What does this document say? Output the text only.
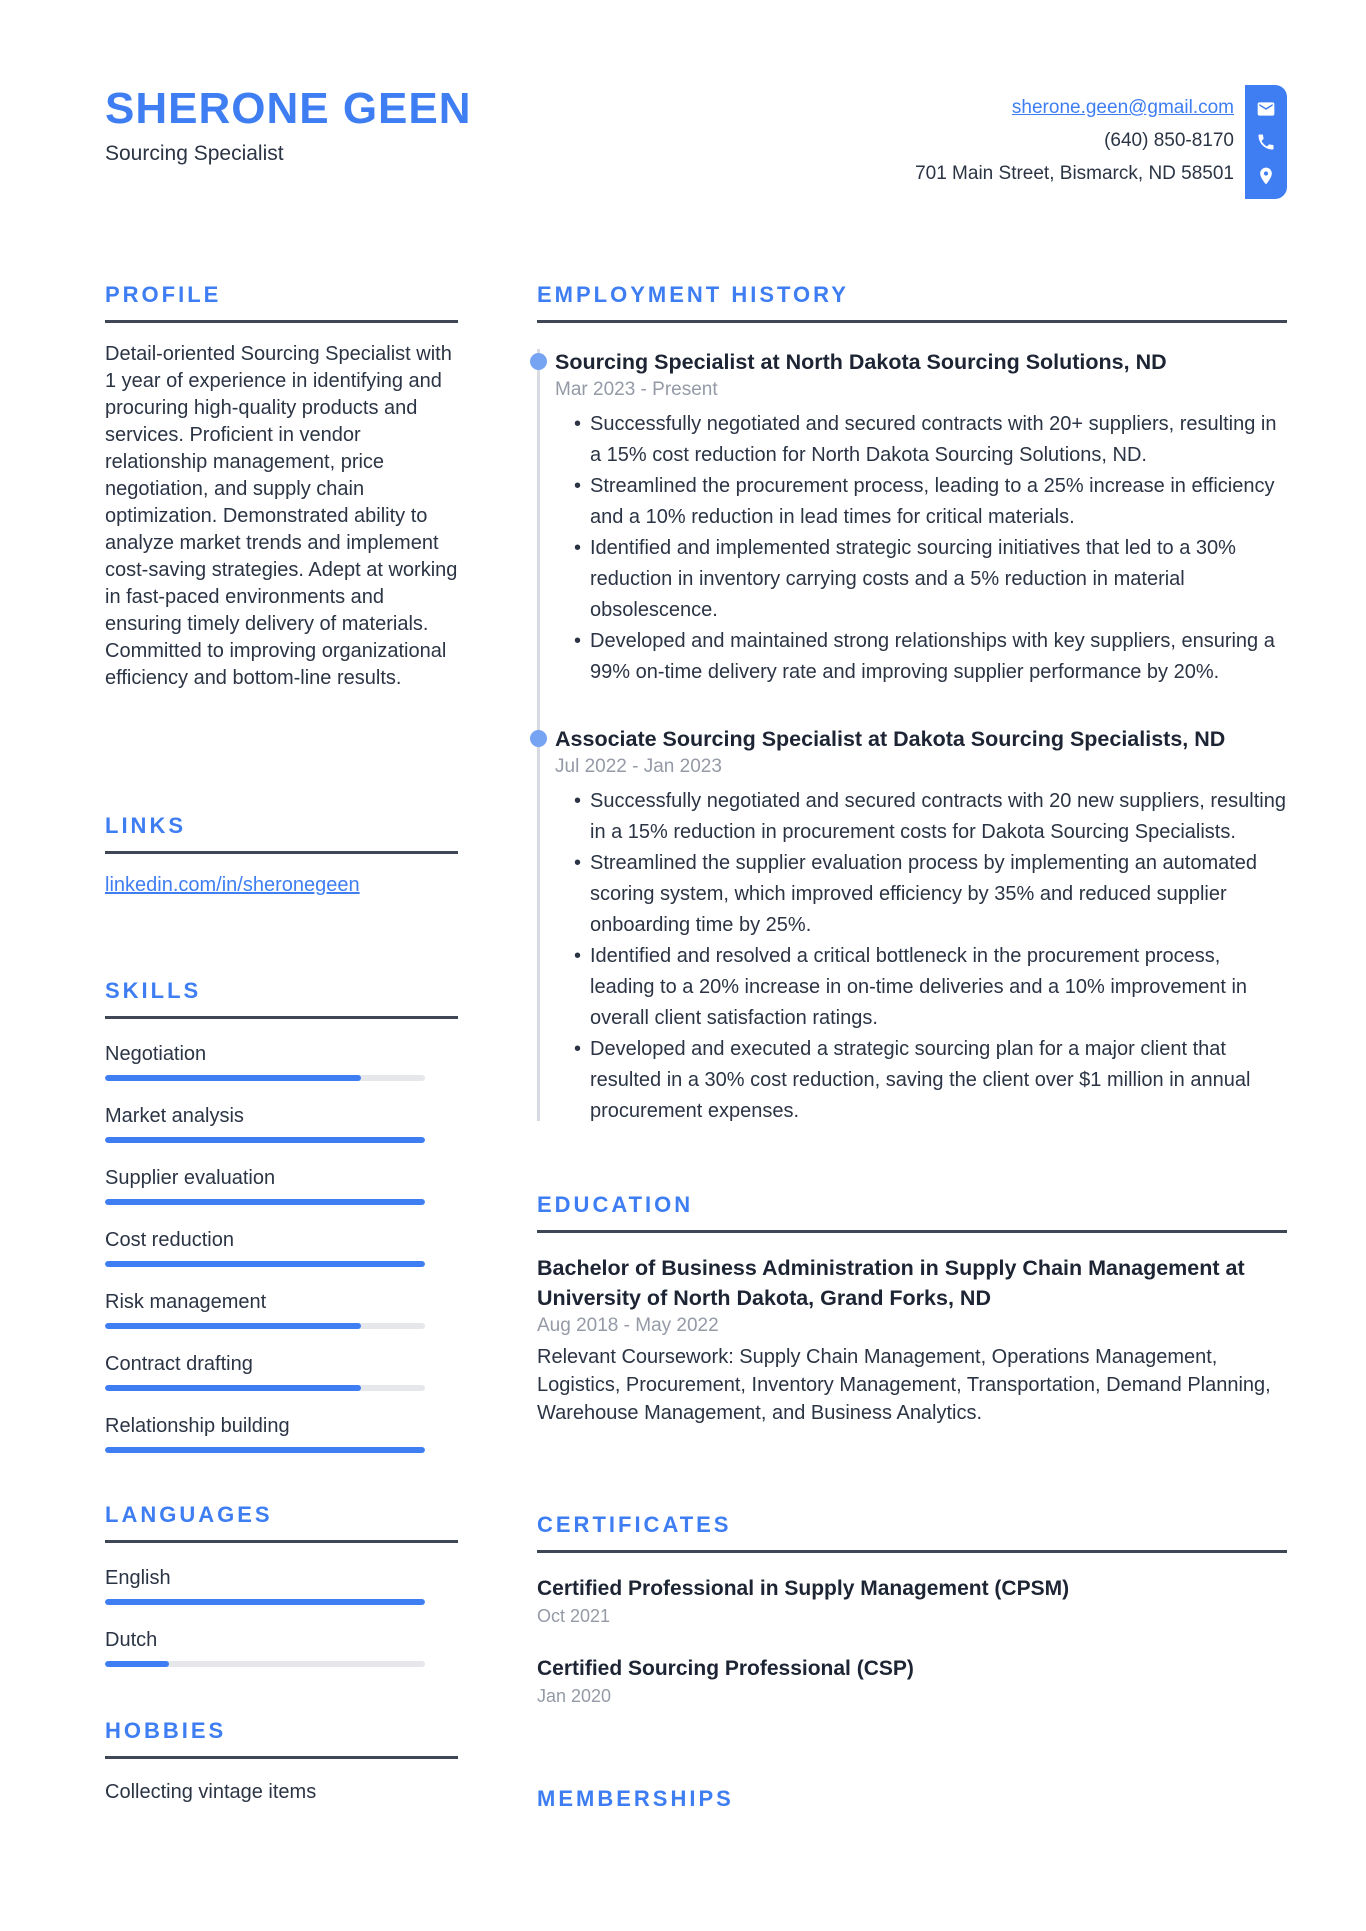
SHERONE GEEN
Sourcing Specialist
sherone.geen@gmail.com
(640) 850-8170
701 Main Street, Bismarck, ND 58501
PROFILE

Detail-oriented Sourcing Specialist with 1 year of experience in identifying and procuring high-quality products and services. Proficient in vendor relationship management, price negotiation, and supply chain optimization. Demonstrated ability to analyze market trends and implement cost-saving strategies. Adept at working in fast-paced environments and ensuring timely delivery of materials. Committed to improving organizational efficiency and bottom-line results.

LINKS
linkedin.com/in/sheronegeen
SKILLS
Negotiation
Market analysis
Supplier evaluation
Cost reduction
Risk management
Contract drafting
Relationship building
LANGUAGES
English
Dutch
HOBBIES

Collecting vintage items

EMPLOYMENT HISTORY
Sourcing Specialist at North Dakota Sourcing Solutions, ND
Mar 2023 - Present
• Successfully negotiated and secured contracts with 20+ suppliers, resulting in a 15% cost reduction for North Dakota Sourcing Solutions, ND.
• Streamlined the procurement process, leading to a 25% increase in efficiency and a 10% reduction in lead times for critical materials.
• Identified and implemented strategic sourcing initiatives that led to a 30% reduction in inventory carrying costs and a 5% reduction in material obsolescence.
• Developed and maintained strong relationships with key suppliers, ensuring a 99% on-time delivery rate and improving supplier performance by 20%.
Associate Sourcing Specialist at Dakota Sourcing Specialists, ND
Jul 2022 - Jan 2023
• Successfully negotiated and secured contracts with 20 new suppliers, resulting in a 15% reduction in procurement costs for Dakota Sourcing Specialists.
• Streamlined the supplier evaluation process by implementing an automated scoring system, which improved efficiency by 35% and reduced supplier onboarding time by 25%.
• Identified and resolved a critical bottleneck in the procurement process, leading to a 20% increase in on-time deliveries and a 10% improvement in overall client satisfaction ratings.
• Developed and executed a strategic sourcing plan for a major client that resulted in a 30% cost reduction, saving the client over $1 million in annual procurement expenses.
EDUCATION
Bachelor of Business Administration in Supply Chain Management at University of North Dakota, Grand Forks, ND
Aug 2018 - May 2022

Relevant Coursework: Supply Chain Management, Operations Management, Logistics, Procurement, Inventory Management, Transportation, Demand Planning, Warehouse Management, and Business Analytics.

CERTIFICATES
Certified Professional in Supply Management (CPSM)
Oct 2021
Certified Sourcing Professional (CSP)
Jan 2020
MEMBERSHIPS
